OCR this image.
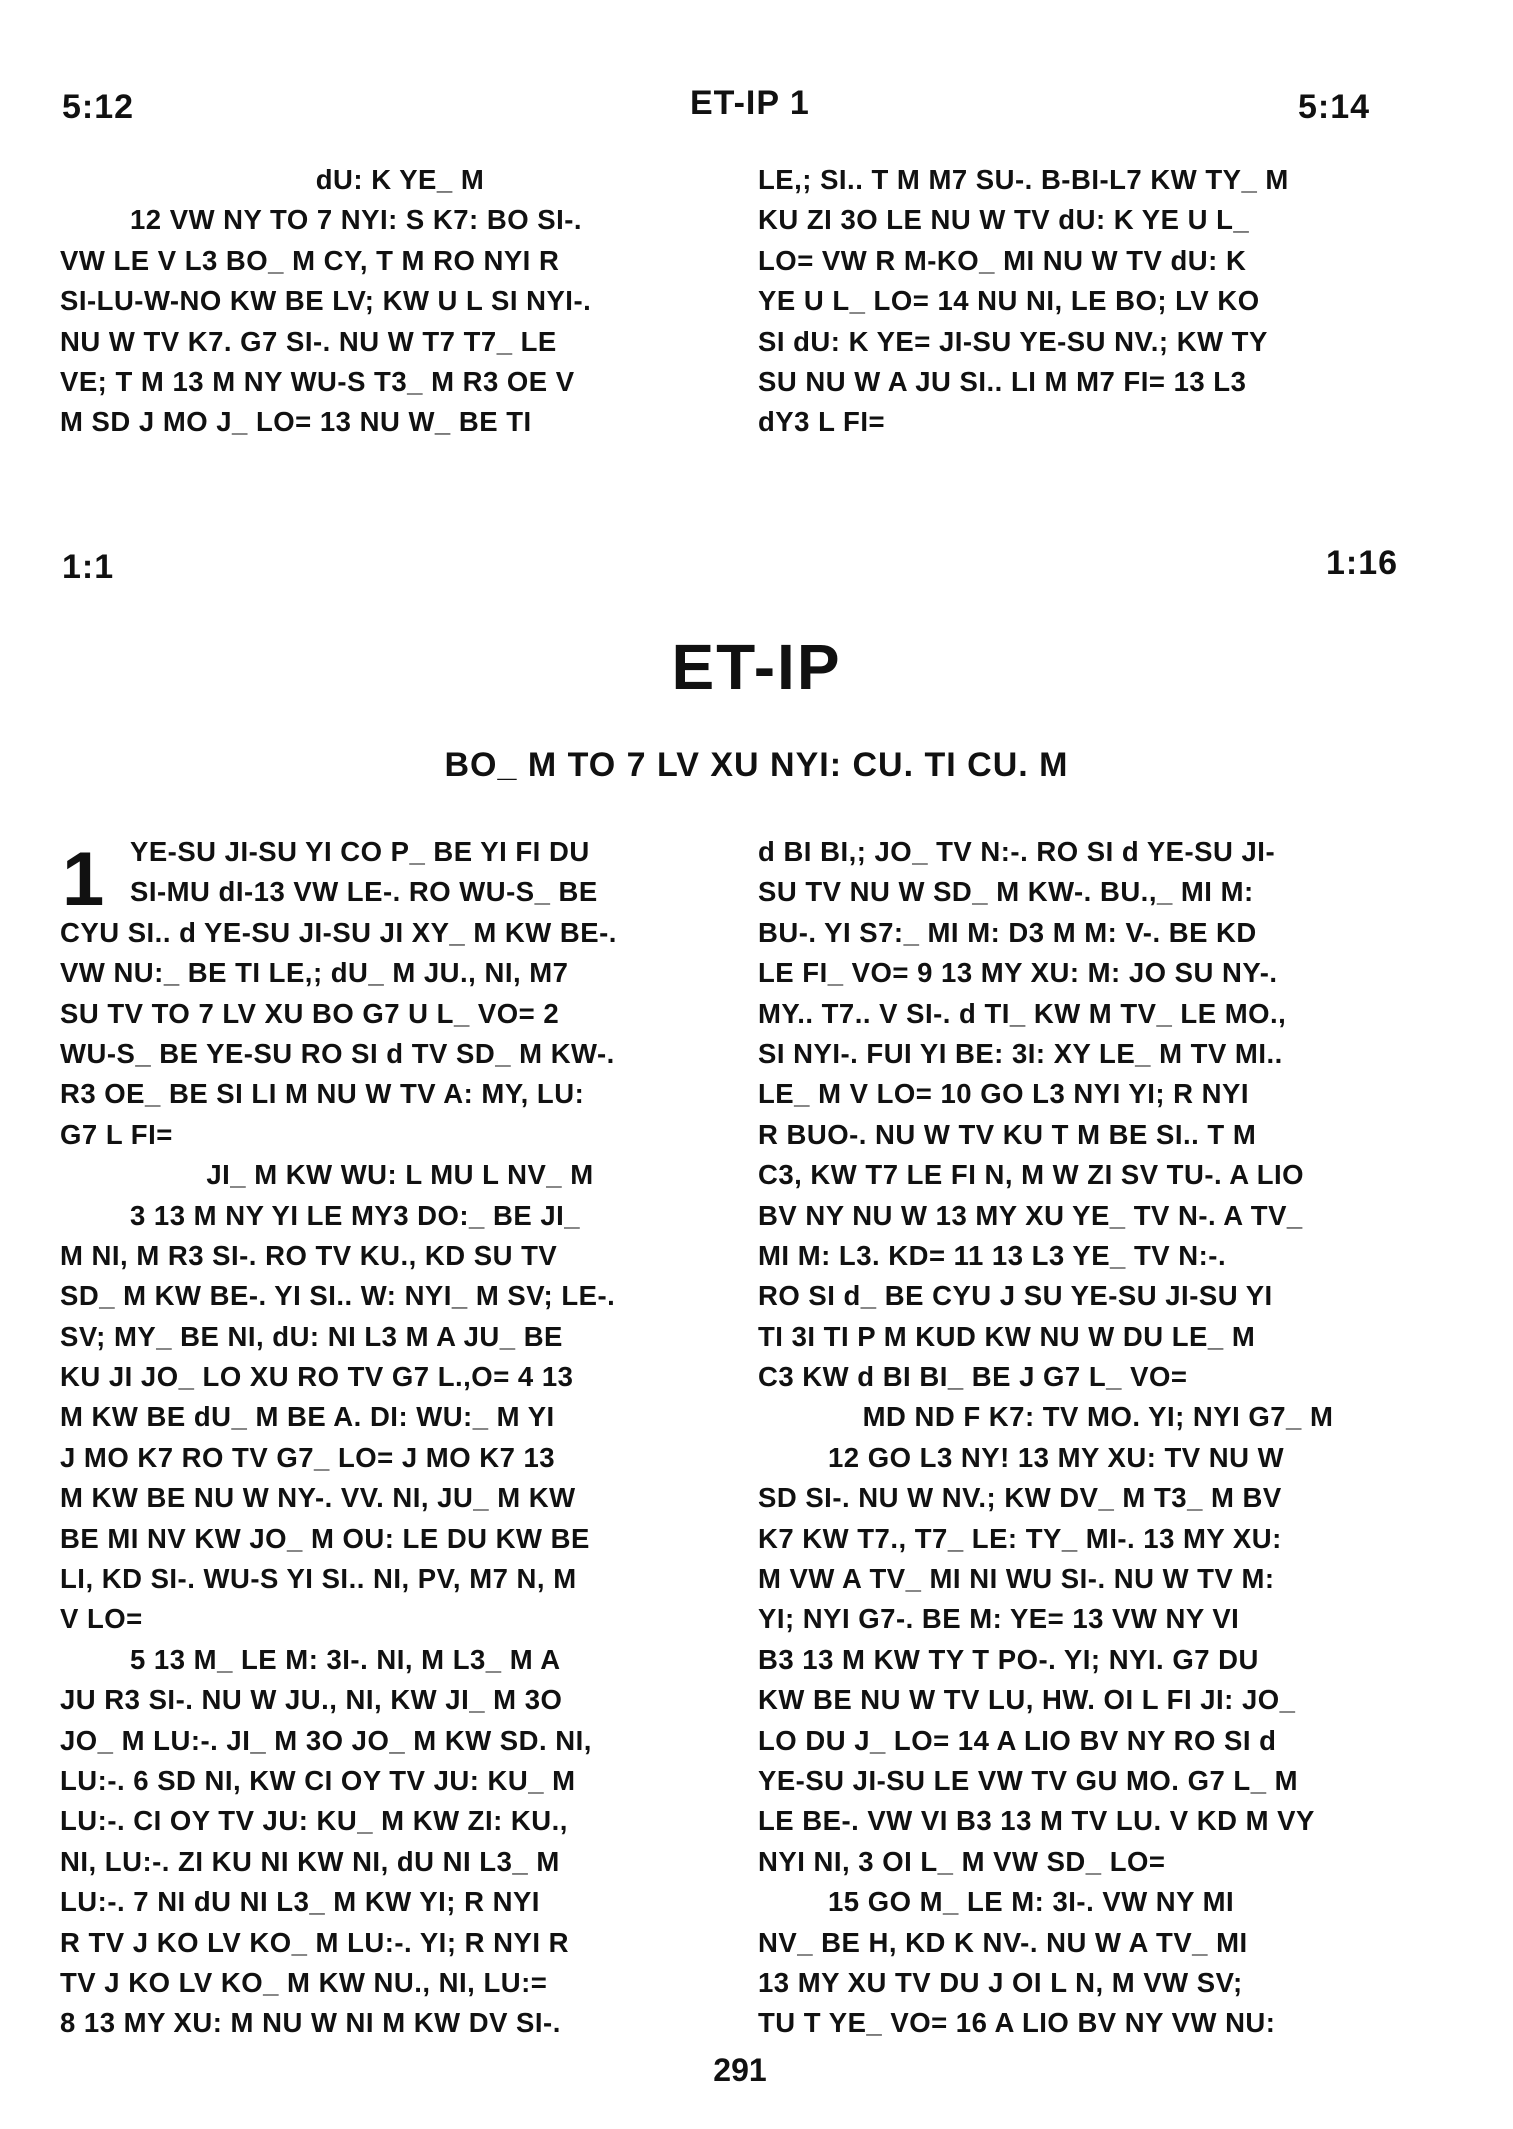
5:12	ET-IP 1	5:14
dU: K YE_ M
12 VW NY TO 7 NYI: S K7: BO SI-.
VW LE V L3 BO_ M CY, T M RO NYI R
SI-LU-W-NO KW BE LV; KW U L SI NYI-.
NU W TV K7. G7 SI-. NU W T7 T7_ LE
VE; T M 13 M NY WU-S T3_ M R3 OE V
M SD J MO J_ LO= 13 NU W_ BE TI
LE,; SI.. T M M7 SU-. B-BI-L7 KW TY_ M
KU ZI 3O LE NU W TV dU: K YE U L_
LO= VW R M-KO_ MI NU W TV dU: K
YE U L_ LO= 14 NU NI, LE BO; LV KO
SI dU: K YE= JI-SU YE-SU NV.; KW TY
SU NU W A JU SI.. LI M M7 FI= 13 L3
dY3 L FI=
1:1	1:16
ET-IP
BO_ M TO 7 LV XU NYI: CU. TI CU. M
1 YE-SU JI-SU YI CO P_ BE YI FI DU
SI-MU dI-13 VW LE-. RO WU-S_ BE
CYU SI.. d YE-SU JI-SU JI XY_ M KW BE-.
VW NU:_ BE TI LE,; dU_ M JU., NI, M7
SU TV TO 7 LV XU BO G7 U L_ VO= 2
WU-S_ BE YE-SU RO SI d TV SD_ M KW-.
R3 OE_ BE SI LI M NU W TV A: MY, LU:
G7 L FI=
JI_ M KW WU: L MU L NV_ M
3 13 M NY YI LE MY3 DO:_ BE JI_
M NI, M R3 SI-. RO TV KU., KD SU TV
SD_ M KW BE-. YI SI.. W: NYI_ M SV; LE-.
SV; MY_ BE NI, dU: NI L3 M A JU_ BE
KU JI JO_ LO XU RO TV G7 L.,O= 4 13
M KW BE dU_ M BE A. DI: WU:_ M YI
J MO K7 RO TV G7_ LO= J MO K7 13
M KW BE NU W NY-. VV. NI, JU_ M KW
BE MI NV KW JO_ M OU: LE DU KW BE
LI, KD SI-. WU-S YI SI.. NI, PV, M7 N, M
V LO=
5 13 M_ LE M: 3I-. NI, M L3_ M A
JU R3 SI-. NU W JU., NI, KW JI_ M 3O
JO_ M LU:-. JI_ M 3O JO_ M KW SD. NI,
LU:-. 6 SD NI, KW CI OY TV JU: KU_ M
LU:-. CI OY TV JU: KU_ M KW ZI: KU.,
NI, LU:-. ZI KU NI KW NI, dU NI L3_ M
LU:-. 7 NI dU NI L3_ M KW YI; R NYI
R TV J KO LV KO_ M LU:-. YI; R NYI R
TV J KO LV KO_ M KW NU., NI, LU:=
8 13 MY XU: M NU W NI M KW DV SI-.
d BI BI,; JO_ TV N:-. RO SI d YE-SU JI-
SU TV NU W SD_ M KW-. BU.,_ MI M:
BU-. YI S7:_ MI M: D3 M M: V-. BE KD
LE FI_ VO= 9 13 MY XU: M: JO SU NY-.
MY.. T7.. V SI-. d TI_ KW M TV_ LE MO.,
SI NYI-. FUI YI BE: 3I: XY LE_ M TV MI..
LE_ M V LO= 10 GO L3 NYI YI; R NYI
R BUO-. NU W TV KU T M BE SI.. T M
C3, KW T7 LE FI N, M W ZI SV TU-. A LIO
BV NY NU W 13 MY XU YE_ TV N-. A TV_
MI M: L3. KD= 11 13 L3 YE_ TV N:-.
RO SI d_ BE CYU J SU YE-SU JI-SU YI
TI 3I TI P M KUD KW NU W DU LE_ M
C3 KW d BI BI_ BE J G7 L_ VO=
MD ND F K7: TV MO. YI; NYI G7_ M
12 GO L3 NY! 13 MY XU: TV NU W
SD SI-. NU W NV.; KW DV_ M T3_ M BV
K7 KW T7., T7_ LE: TY_ MI-. 13 MY XU:
M VW A TV_ MI NI WU SI-. NU W TV M:
YI; NYI G7-. BE M: YE= 13 VW NY VI
B3 13 M KW TY T PO-. YI; NYI. G7 DU
KW BE NU W TV LU, HW. OI L FI JI: JO_
LO DU J_ LO= 14 A LIO BV NY RO SI d
YE-SU JI-SU LE VW TV GU MO. G7 L_ M
LE BE-. VW VI B3 13 M TV LU. V KD M VY
NYI NI, 3 OI L_ M VW SD_ LO=
15 GO M_ LE M: 3I-. VW NY MI
NV_ BE H, KD K NV-. NU W A TV_ MI
13 MY XU TV DU J OI L N, M VW SV;
TU T YE_ VO= 16 A LIO BV NY VW NU:
291
